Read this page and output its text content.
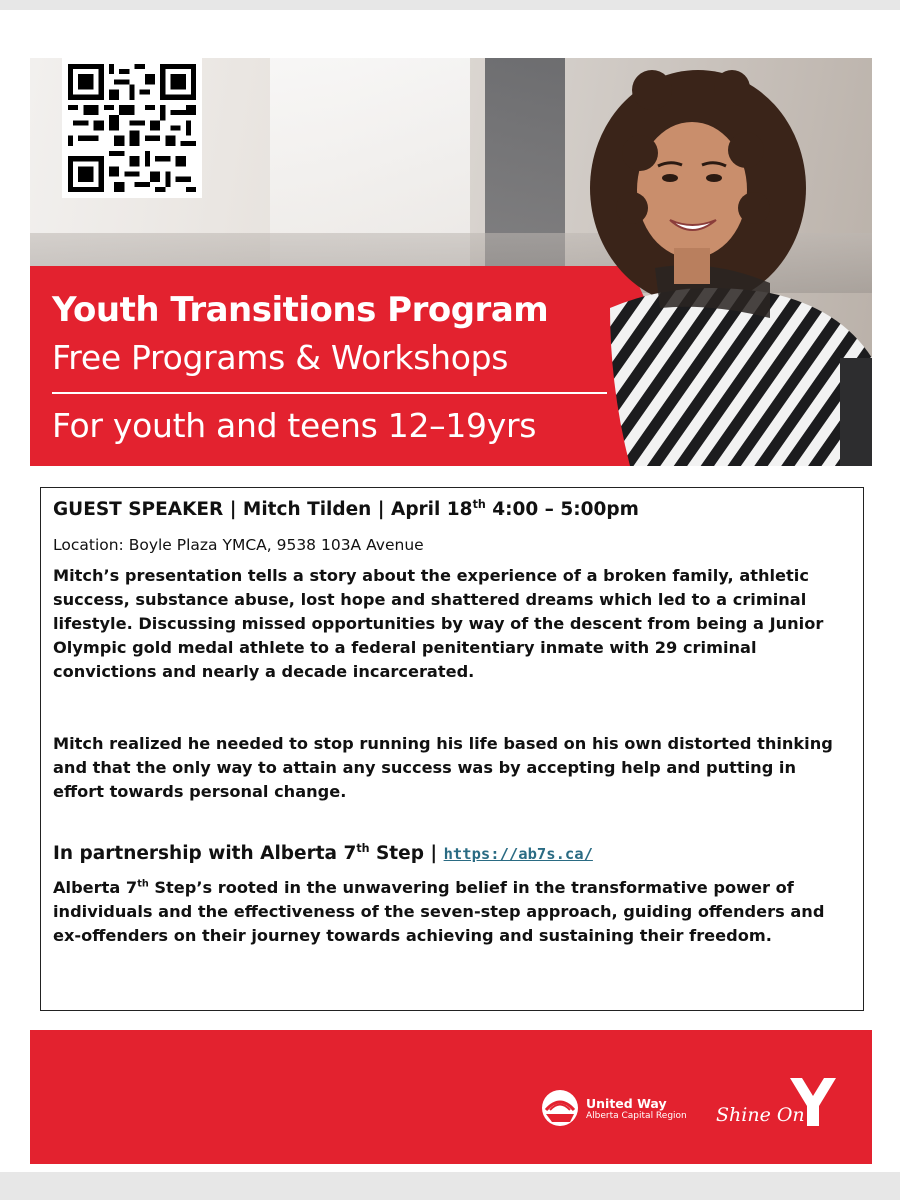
Youth Transitions Program
Free Programs & Workshops
For youth and teens 12–19yrs
GUEST SPEAKER | Mitch Tilden | April 18th 4:00 – 5:00pm
Location: Boyle Plaza YMCA, 9538 103A Avenue

Mitch’s presentation tells a story about the experience of a broken family, athletic success, substance abuse, lost hope and shattered dreams which led to a criminal lifestyle. Discussing missed opportunities by way of the descent from being a Junior Olympic gold medal athlete to a federal penitentiary inmate with 29 criminal convictions and nearly a decade incarcerated.

Mitch realized he needed to stop running his life based on his own distorted thinking and that the only way to attain any success was by accepting help and putting in effort towards personal change.

In partnership with Alberta 7th Step | https://ab7s.ca/

Alberta 7th Step’s rooted in the unwavering belief in the transformative power of individuals and the effectiveness of the seven-step approach, guiding offenders and ex-offenders on their journey towards achieving and sustaining their freedom.

United Way
Alberta Capital Region Shine On
